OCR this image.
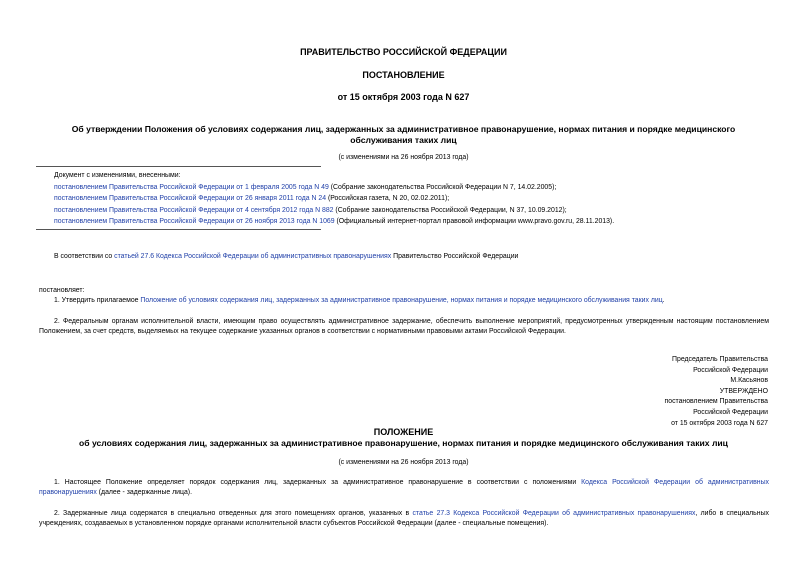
ПРАВИТЕЛЬСТВО РОССИЙСКОЙ ФЕДЕРАЦИИ
ПОСТАНОВЛЕНИЕ
от 15 октября 2003 года N 627
Об утверждении Положения об условиях содержания лиц, задержанных за административное правонарушение, нормах питания и порядке медицинского
обслуживания таких лиц
(с изменениями на 26 ноября 2013 года)
Документ с изменениями, внесенными:
постановлением Правительства Российской Федерации от 1 февраля 2005 года N 49 (Собрание законодательства Российской Федерации N 7, 14.02.2005);
постановлением Правительства Российской Федерации от 26 января 2011 года N 24 (Российская газета, N 20, 02.02.2011);
постановлением Правительства Российской Федерации от 4 сентября 2012 года N 882 (Собрание законодательства Российской Федерации, N 37, 10.09.2012);
постановлением Правительства Российской Федерации от 26 ноября 2013 года N 1069 (Официальный интернет-портал правовой информации www.pravo.gov.ru, 28.11.2013).
В соответствии со статьей 27.6 Кодекса Российской Федерации об административных правонарушениях Правительство Российской Федерации
постановляет:
1. Утвердить прилагаемое Положение об условиях содержания лиц, задержанных за административное правонарушение, нормах питания и порядке медицинского обслуживания таких лиц.
2. Федеральным органам исполнительной власти, имеющим право осуществлять административное задержание, обеспечить выполнение мероприятий, предусмотренных утвержденным настоящим постановлением Положением, за счет средств, выделяемых на текущее содержание указанных органов в соответствии с нормативными правовыми актами Российской Федерации.
Председатель Правительства
Российской Федерации
М.Касьянов
УТВЕРЖДЕНО
постановлением Правительства
Российской Федерации
от 15 октября 2003 года N 627
ПОЛОЖЕНИЕ
об условиях содержания лиц, задержанных за административное правонарушение, нормах питания и порядке медицинского обслуживания таких лиц
(с изменениями на 26 ноября 2013 года)
1. Настоящее Положение определяет порядок содержания лиц, задержанных за административное правонарушение в соответствии с положениями Кодекса Российской Федерации об административных правонарушениях (далее - задержанные лица).
2. Задержанные лица содержатся в специально отведенных для этого помещениях органов, указанных в статье 27.3 Кодекса Российской Федерации об административных правонарушениях, либо в специальных учреждениях, создаваемых в установленном порядке органами исполнительной власти субъектов Российской Федерации (далее - специальные помещения).
